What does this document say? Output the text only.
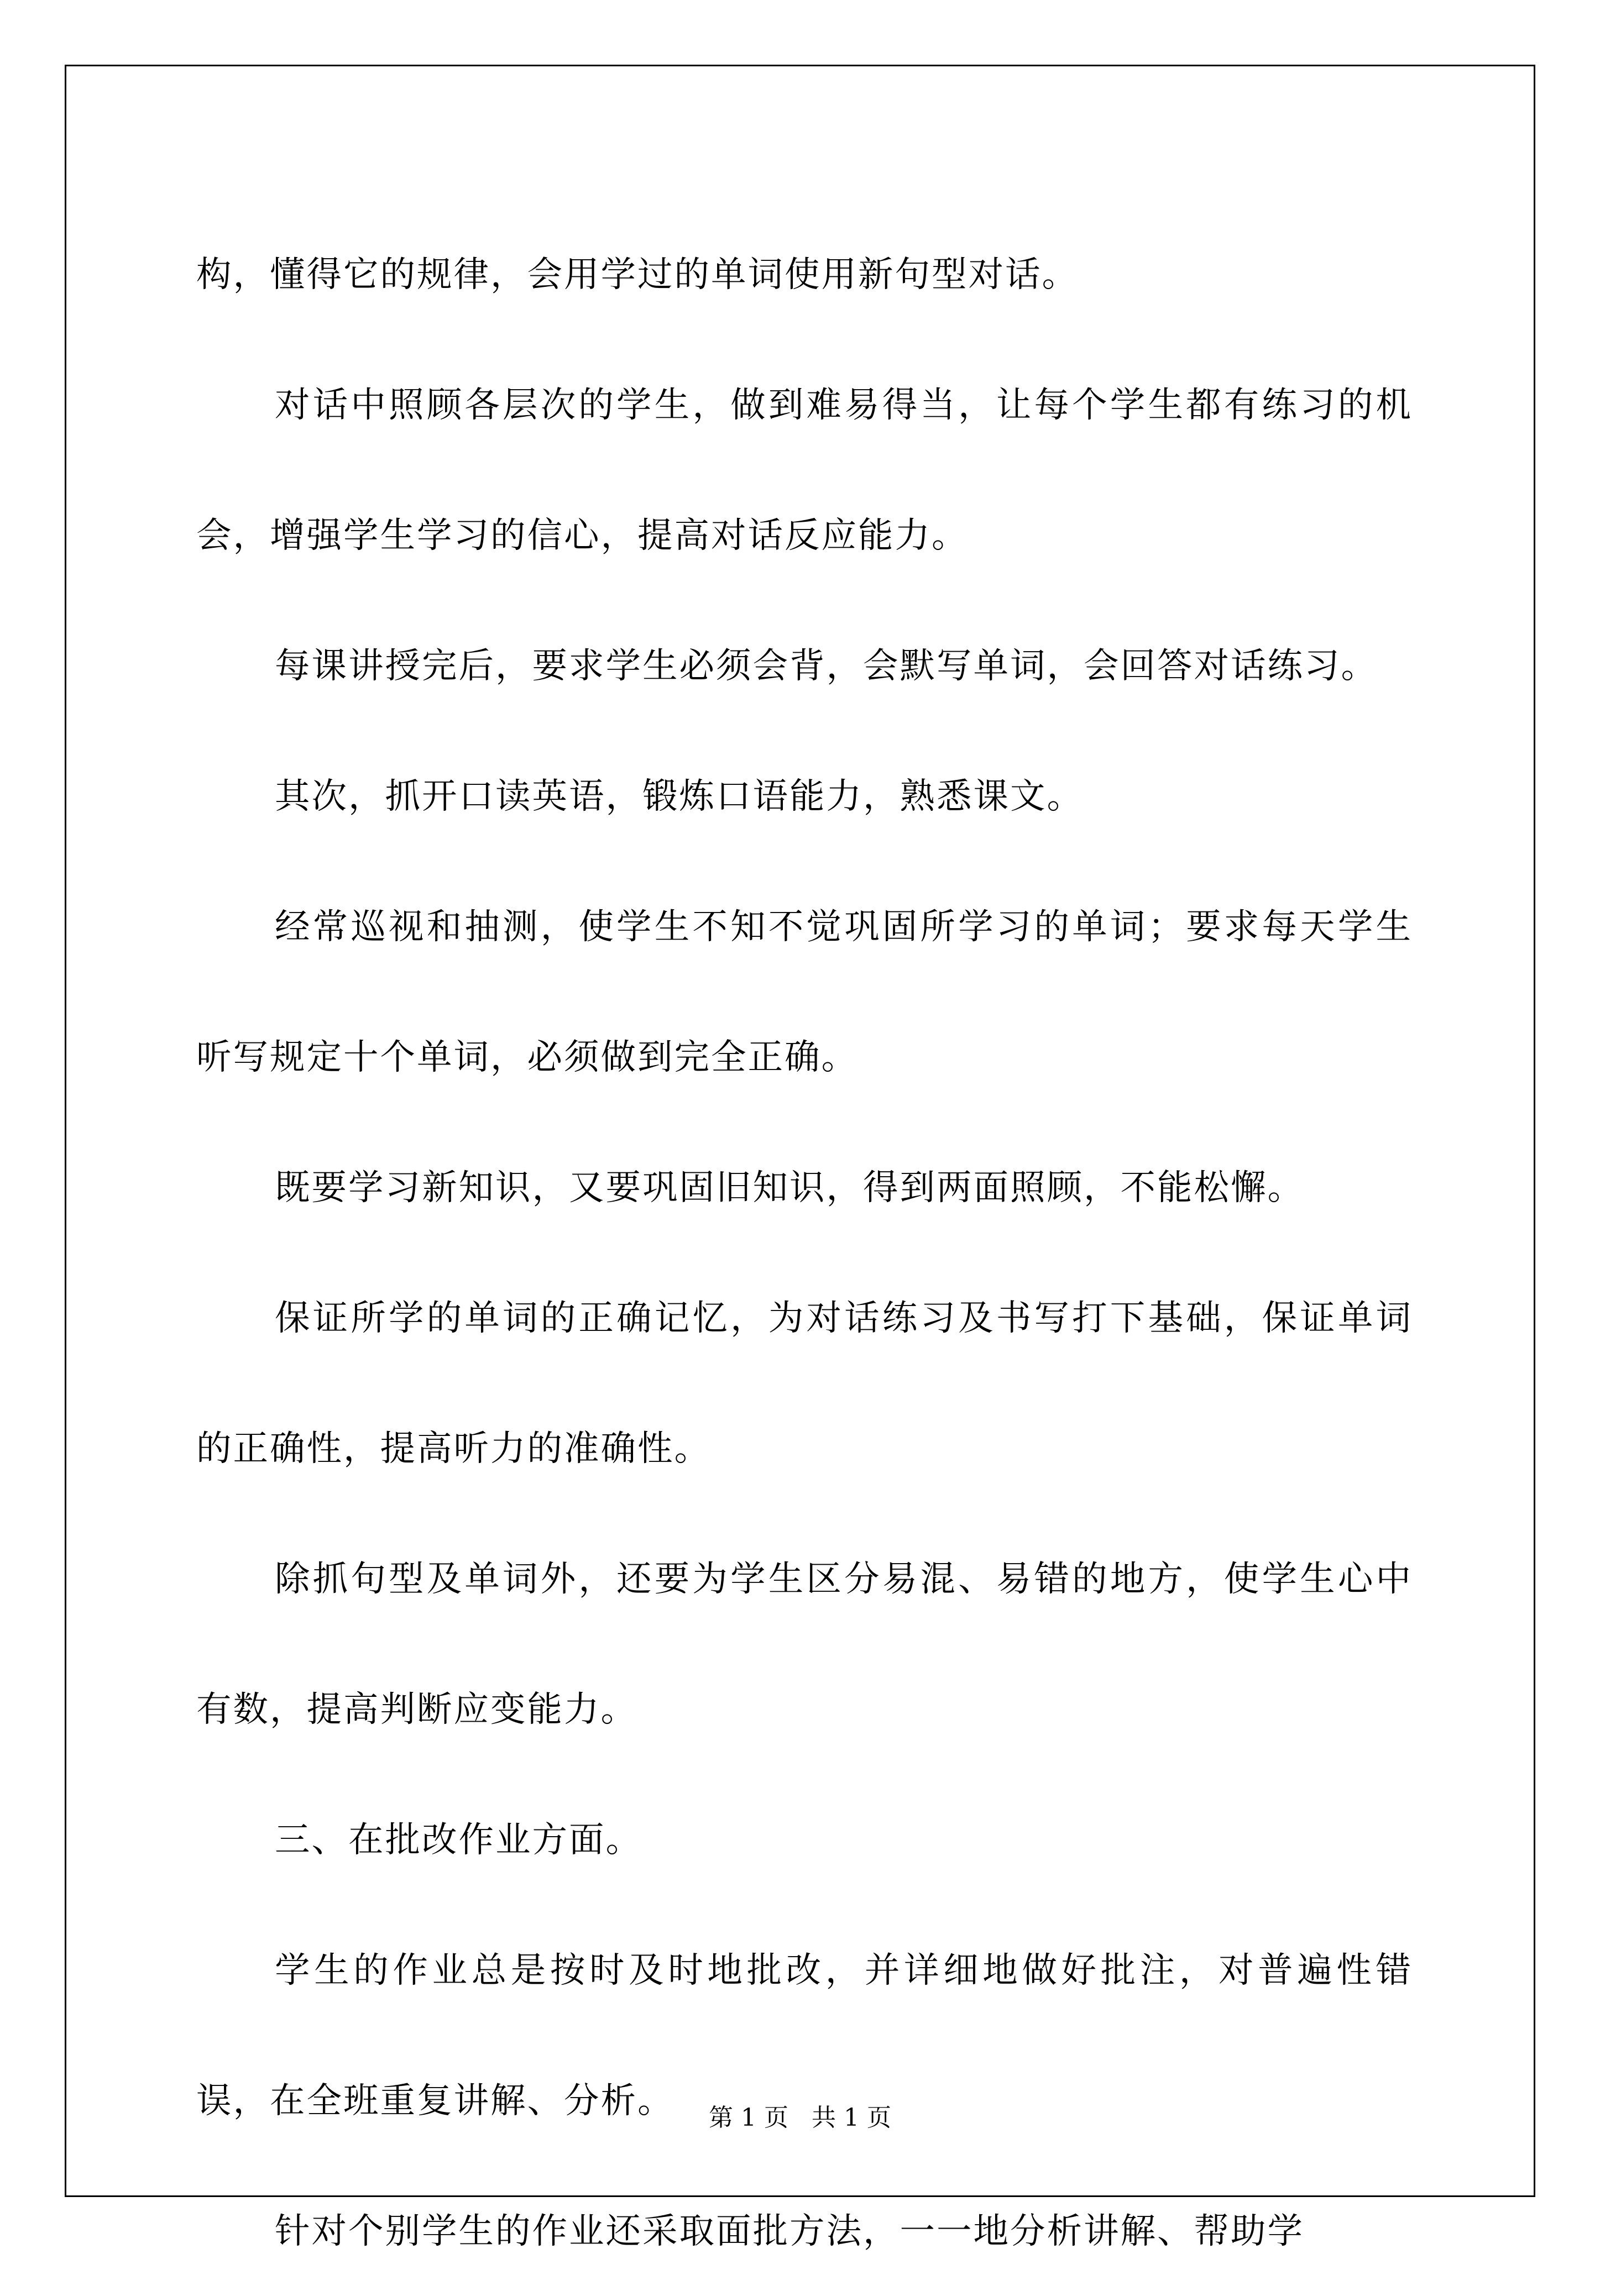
构，懂得它的规律，会用学过的单词使用新句型对话。

对话中照顾各层次的学生，做到难易得当，让每个学生都有练习的机会，增强学生学习的信心，提高对话反应能力。

每课讲授完后，要求学生必须会背，会默写单词，会回答对话练习。

其次，抓开口读英语，锻炼口语能力，熟悉课文。

经常巡视和抽测，使学生不知不觉巩固所学习的单词；要求每天学生听写规定十个单词，必须做到完全正确。

既要学习新知识，又要巩固旧知识，得到两面照顾，不能松懈。

保证所学的单词的正确记忆，为对话练习及书写打下基础，保证单词的正确性，提高听力的准确性。

除抓句型及单词外，还要为学生区分易混、易错的地方，使学生心中有数，提高判断应变能力。

三、在批改作业方面。

学生的作业总是按时及时地批改，并详细地做好批注，对普遍性错误，在全班重复讲解、分析。

针对个别学生的作业还采取面批方法，一一地分析讲解、帮助学

第 1 页   共 1 页
